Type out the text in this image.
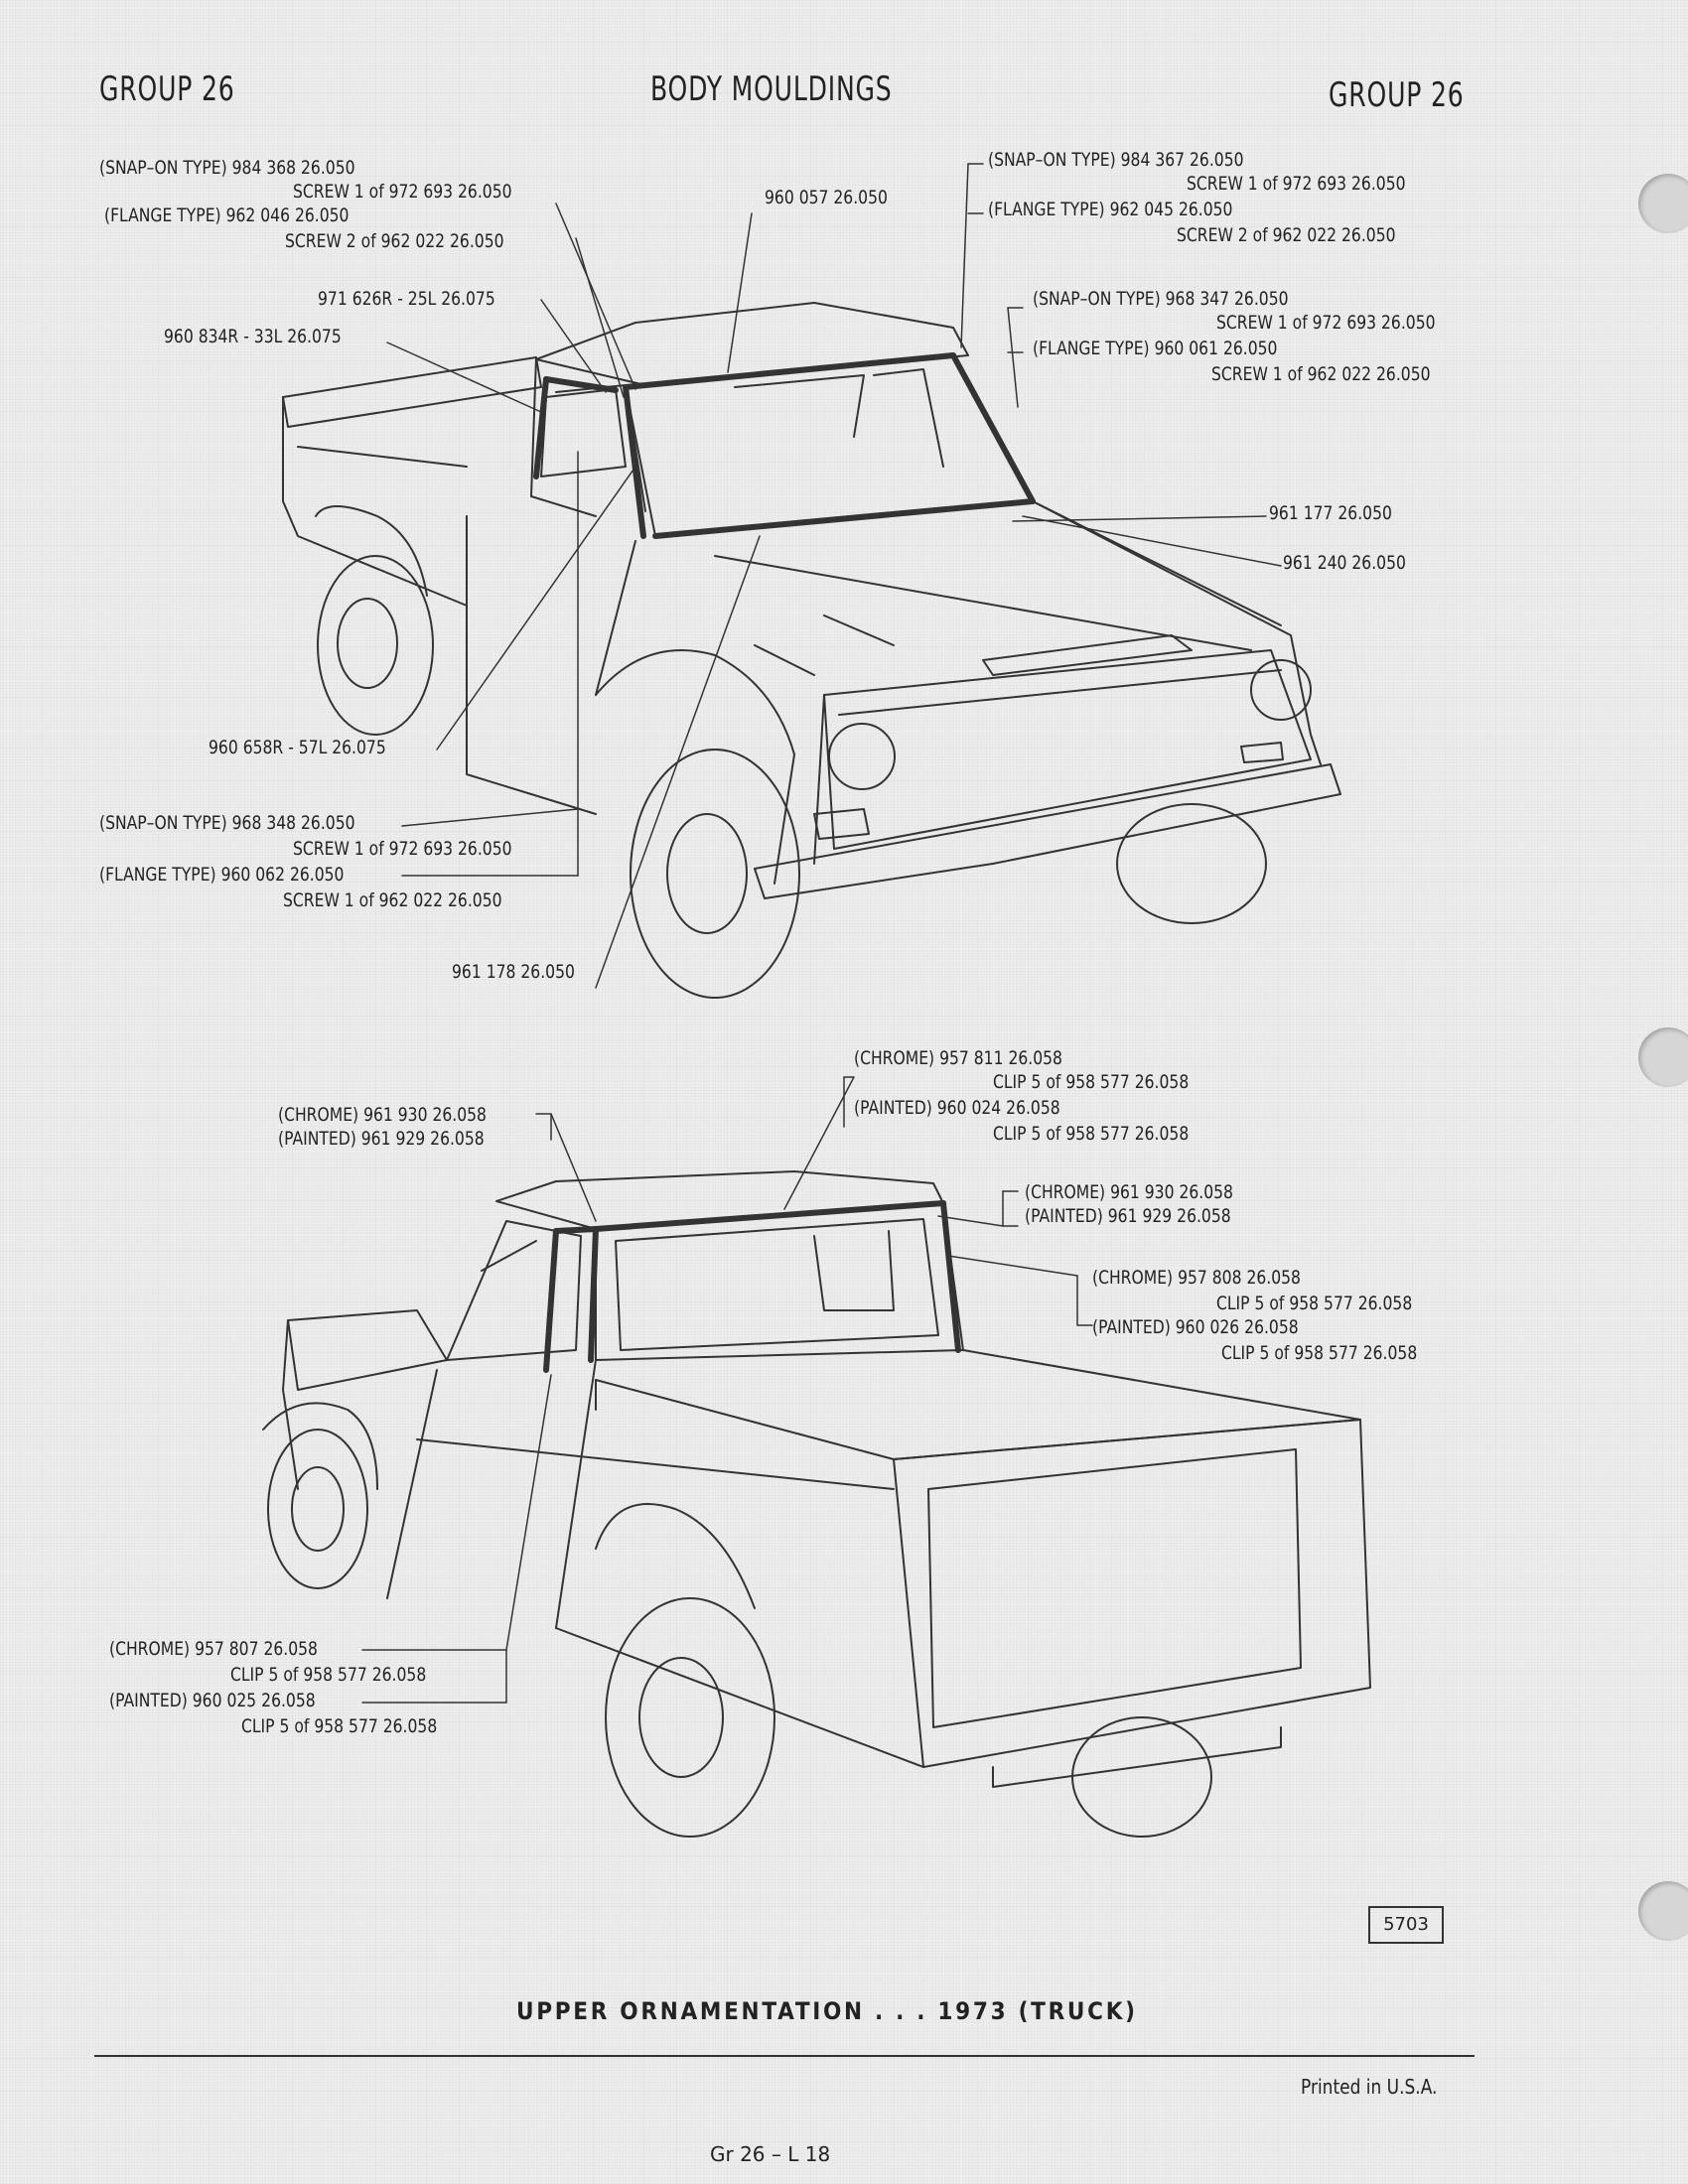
GROUP 26	BODY MOULDINGS	GROUP 26
(SNAP–ON TYPE) 984 368 26.050
SCREW 1 of 972 693 26.050
(FLANGE TYPE) 962 046 26.050
SCREW 2 of 962 022 26.050
971 626R - 25L 26.075
960 834R - 33L 26.075
960 057 26.050
(SNAP–ON TYPE) 984 367 26.050
SCREW 1 of 972 693 26.050
(FLANGE TYPE) 962 045 26.050
SCREW 2 of 962 022 26.050
(SNAP–ON TYPE) 968 347 26.050
SCREW 1 of 972 693 26.050
(FLANGE TYPE) 960 061 26.050
SCREW 1 of 962 022 26.050
961 177 26.050
961 240 26.050
960 658R - 57L 26.075
(SNAP–ON TYPE) 968 348 26.050
SCREW 1 of 972 693 26.050
(FLANGE TYPE) 960 062 26.050
SCREW 1 of 962 022 26.050
961 178 26.050
(CHROME) 957 811 26.058
CLIP 5 of 958 577 26.058
(PAINTED) 960 024 26.058
CLIP 5 of 958 577 26.058
(CHROME) 961 930 26.058
(PAINTED) 961 929 26.058
(CHROME) 961 930 26.058
(PAINTED) 961 929 26.058
(CHROME) 957 808 26.058
CLIP 5 of 958 577 26.058
(PAINTED) 960 026 26.058
CLIP 5 of 958 577 26.058
(CHROME) 957 807 26.058
CLIP 5 of 958 577 26.058
(PAINTED) 960 025 26.058
CLIP 5 of 958 577 26.058
5703
UPPER ORNAMENTATION . . . 1973 (TRUCK)
Printed in U.S.A.
Gr 26 – L 18
